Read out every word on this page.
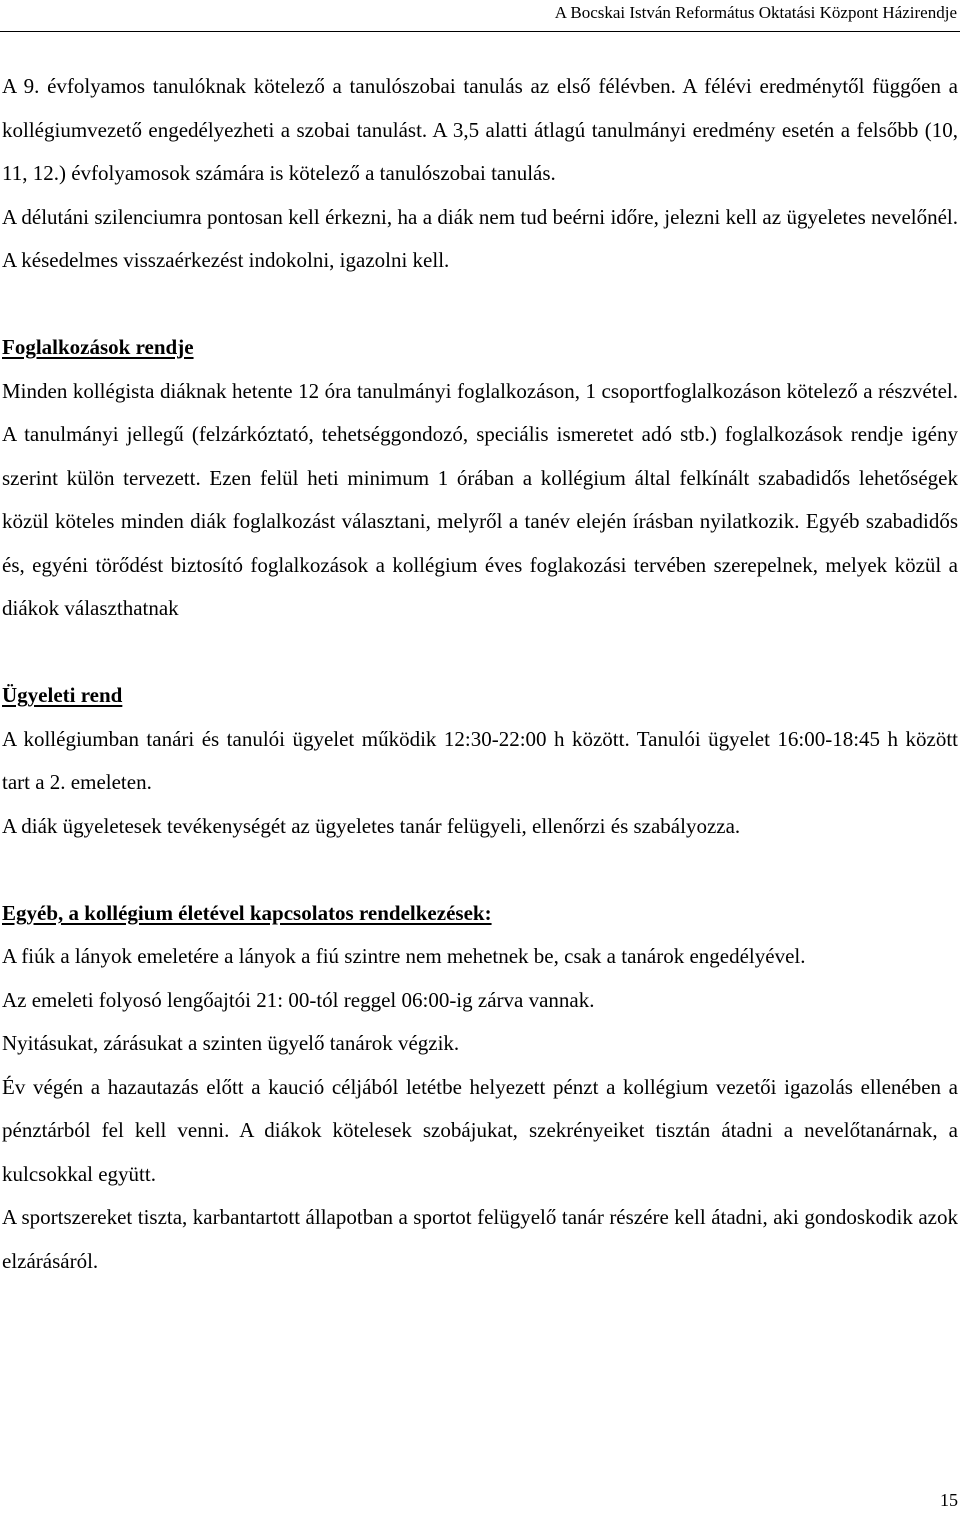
A Bocskai István Református Oktatási Központ Házirendje

A 9. évfolyamos tanulóknak kötelező a tanulószobai tanulás az első félévben. A félévi eredménytől függően a kollégiumvezető engedélyezheti a szobai tanulást. A 3,5 alatti átlagú tanulmányi eredmény esetén a felsőbb (10, 11, 12.) évfolyamosok számára is kötelező a tanulószobai tanulás.

A délutáni szilenciumra pontosan kell érkezni, ha a diák nem tud beérni időre, jelezni kell az ügyeletes nevelőnél. A késedelmes visszaérkezést indokolni, igazolni kell.

Foglalkozások rendje

Minden kollégista diáknak hetente 12 óra tanulmányi foglalkozáson, 1 csoportfoglalkozáson kötelező a részvétel. A tanulmányi jellegű (felzárkóztató, tehetséggondozó, speciális ismeretet adó stb.) foglalkozások rendje igény szerint külön tervezett. Ezen felül heti minimum 1 órában a kollégium által felkínált szabadidős lehetőségek közül köteles minden diák foglalkozást választani, melyről a tanév elején írásban nyilatkozik. Egyéb szabadidős és, egyéni törődést biztosító foglalkozások a kollégium éves foglakozási tervében szerepelnek, melyek közül a diákok választhatnak

Ügyeleti rend

A kollégiumban tanári és tanulói ügyelet működik 12:30-22:00 h között. Tanulói ügyelet 16:00-18:45 h között tart a 2. emeleten.

A diák ügyeletesek tevékenységét az ügyeletes tanár felügyeli, ellenőrzi és szabályozza.

Egyéb, a kollégium életével kapcsolatos rendelkezések:

A fiúk a lányok emeletére a lányok a fiú szintre nem mehetnek be, csak a tanárok engedélyével.

Az emeleti folyosó lengőajtói 21: 00-tól reggel 06:00-ig zárva vannak.

Nyitásukat, zárásukat a szinten ügyelő tanárok végzik.

Év végén a hazautazás előtt a kaució céljából letétbe helyezett pénzt a kollégium vezetői igazolás ellenében a pénztárból fel kell venni. A diákok kötelesek szobájukat, szekrényeiket tisztán átadni a nevelőtanárnak, a kulcsokkal együtt.

A sportszereket tiszta, karbantartott állapotban a sportot felügyelő tanár részére kell átadni, aki gondoskodik azok elzárásáról.

15
